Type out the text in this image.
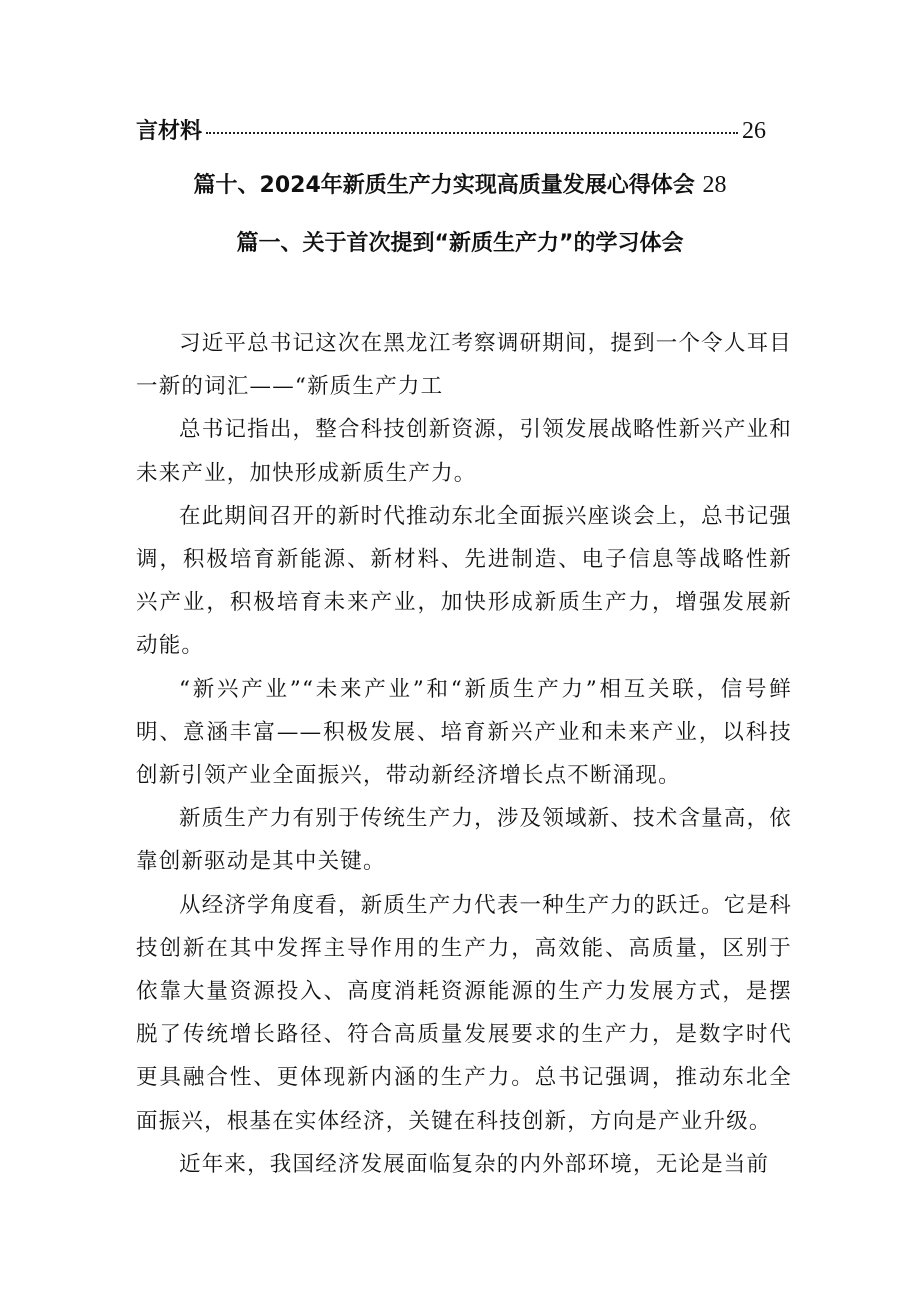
言材料	26
篇十、2024年新质生产力实现高质量发展心得体会 28
篇一、关于首次提到“新质生产力”的学习体会

习近平总书记这次在黑龙江考察调研期间，提到一个令人耳目一新的词汇——“新质生产力工

总书记指出，整合科技创新资源，引领发展战略性新兴产业和未来产业，加快形成新质生产力。

在此期间召开的新时代推动东北全面振兴座谈会上，总书记强调，积极培育新能源、新材料、先进制造、电子信息等战略性新兴产业，积极培育未来产业，加快形成新质生产力，增强发展新动能。

“新兴产业”“未来产业”和“新质生产力”相互关联，信号鲜明、意涵丰富——积极发展、培育新兴产业和未来产业，以科技创新引领产业全面振兴，带动新经济增长点不断涌现。

新质生产力有别于传统生产力，涉及领域新、技术含量高，依靠创新驱动是其中关键。

从经济学角度看，新质生产力代表一种生产力的跃迁。它是科技创新在其中发挥主导作用的生产力，高效能、高质量，区别于依靠大量资源投入、高度消耗资源能源的生产力发展方式，是摆脱了传统增长路径、符合高质量发展要求的生产力，是数字时代更具融合性、更体现新内涵的生产力。总书记强调，推动东北全面振兴，根基在实体经济，关键在科技创新，方向是产业升级。

近年来，我国经济发展面临复杂的内外部环境，无论是当前
